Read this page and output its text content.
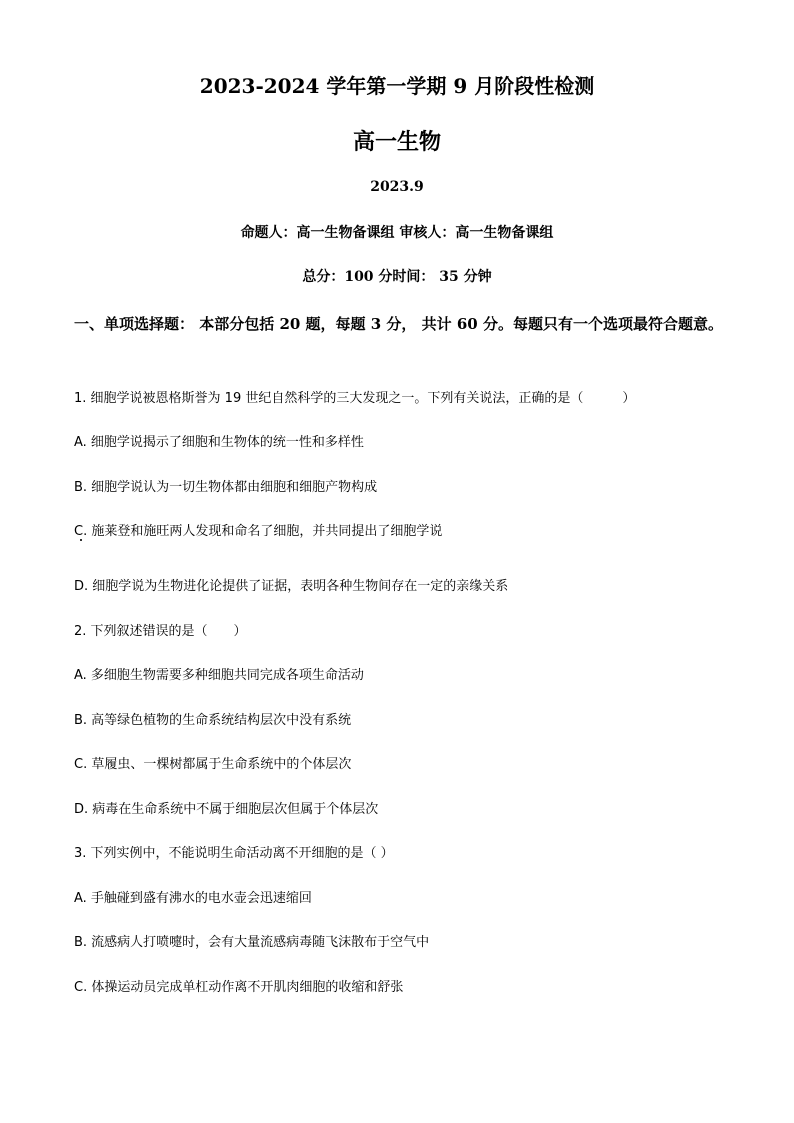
2023-2024 学年第一学期 9 月阶段性检测
高一生物
2023.9
命题人：高一生物备课组 审核人：高一生物备课组
总分：100 分时间： 35 分钟
一、单项选择题： 本部分包括 20 题，每题 3 分， 共计 60 分。每题只有一个选项最符合题意。
1. 细胞学说被恩格斯誉为 19 世纪自然科学的三大发现之一。下列有关说法，正确的是（　　　）
A. 细胞学说揭示了细胞和生物体的统一性和多样性
B. 细胞学说认为一切生物体都由细胞和细胞产物构成
C. 施莱登和施旺两人发现和命名了细胞，并共同提出了细胞学说
D. 细胞学说为生物进化论提供了证据，表明各种生物间存在一定的亲缘关系
2. 下列叙述错误的是（　　）
A. 多细胞生物需要多种细胞共同完成各项生命活动
B. 高等绿色植物的生命系统结构层次中没有系统
C. 草履虫、一棵树都属于生命系统中的个体层次
D. 病毒在生命系统中不属于细胞层次但属于个体层次
3. 下列实例中，不能说明生命活动离不开细胞的是（ ）
A. 手触碰到盛有沸水的电水壶会迅速缩回
B. 流感病人打喷嚏时，会有大量流感病毒随飞沫散布于空气中
C. 体操运动员完成单杠动作离不开肌肉细胞的收缩和舒张
